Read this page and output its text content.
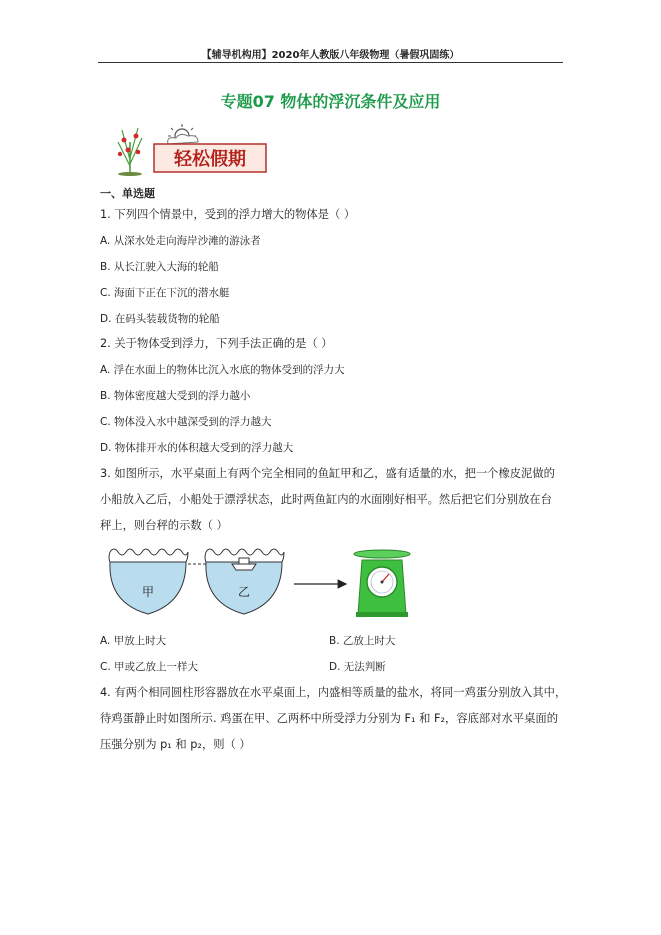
【辅导机构用】2020年人教版八年级物理（暑假巩固练）
专题07 物体的浮沉条件及应用
轻松假期
一、单选题
1. 下列四个情景中，受到的浮力增大的物体是（ ）
A. 从深水处走向海岸沙滩的游泳者
B. 从长江驶入大海的轮船
C. 海面下正在下沉的潜水艇
D. 在码头装载货物的轮船
2. 关于物体受到浮力，下列手法正确的是（ ）
A. 浮在水面上的物体比沉入水底的物体受到的浮力大
B. 物体密度越大受到的浮力越小
C. 物体没入水中越深受到的浮力越大
D. 物体排开水的体积越大受到的浮力越大
3. 如图所示，水平桌面上有两个完全相同的鱼缸甲和乙，盛有适量的水，把一个橡皮泥做的
小船放入乙后，小船处于漂浮状态，此时两鱼缸内的水面刚好相平。然后把它们分别放在台
秤上，则台秤的示数（ ）
甲	乙
A. 甲放上时大	B. 乙放上时大
C. 甲或乙放上一样大	D. 无法判断
4. 有两个相同圆柱形容器放在水平桌面上，内盛相等质量的盐水，将同一鸡蛋分别放入其中，
待鸡蛋静止时如图所示. 鸡蛋在甲、乙两杯中所受浮力分别为 F₁ 和 F₂，容底部对水平桌面的
压强分别为 p₁ 和 p₂，则（ ）
